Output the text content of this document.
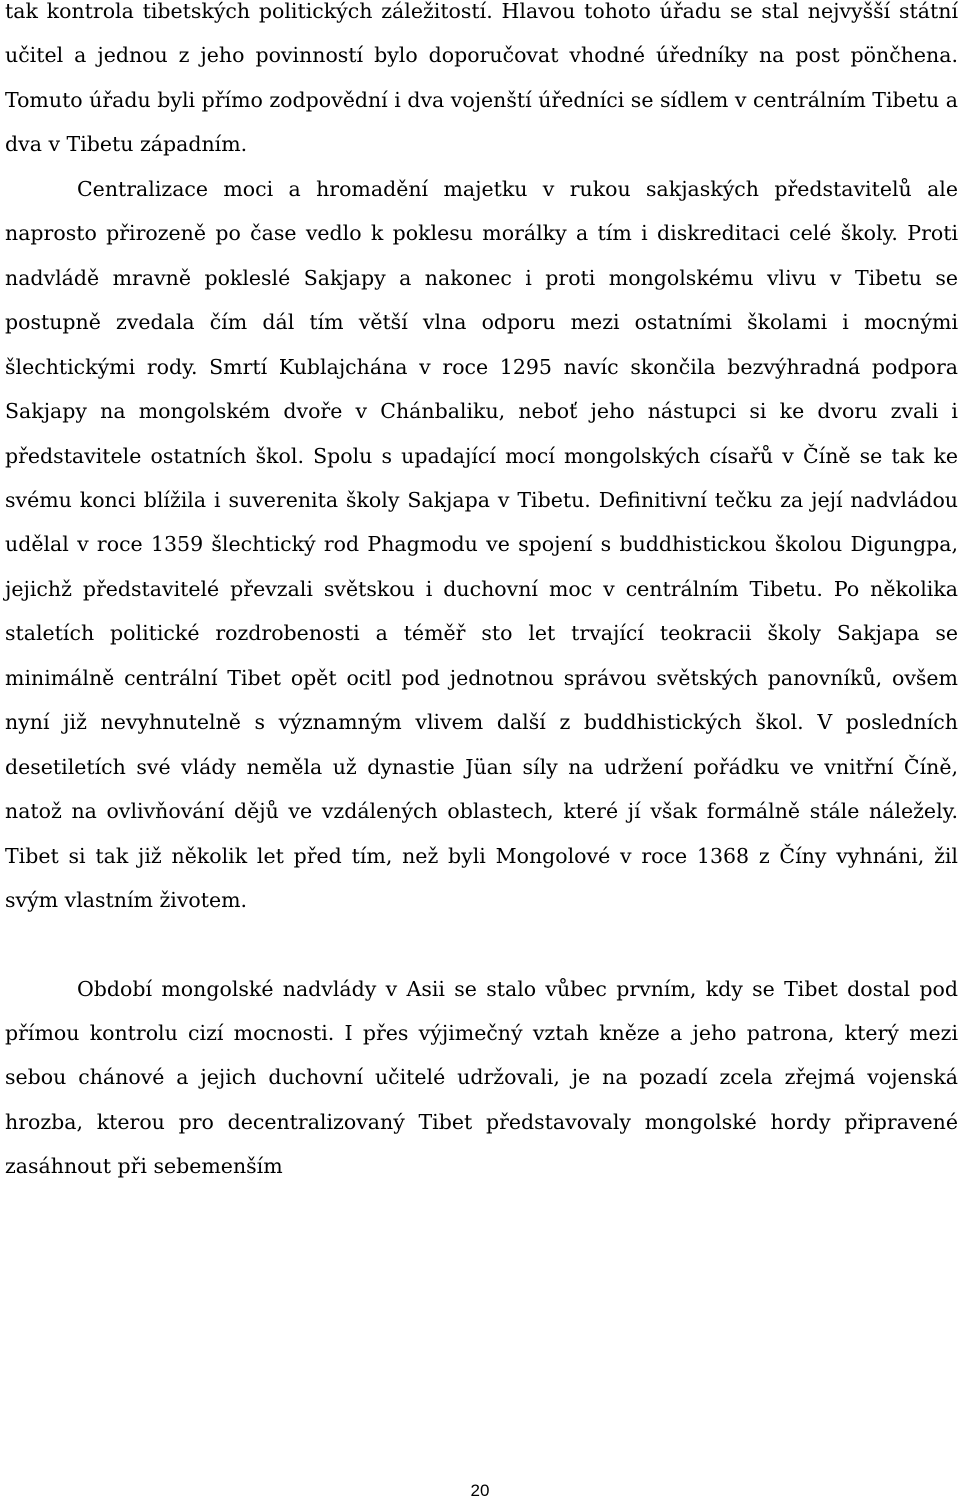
tak kontrola tibetských politických záležitostí. Hlavou tohoto úřadu se stal nejvyšší státní učitel a jednou z jeho povinností bylo doporučovat vhodné úředníky na post pönčhena. Tomuto úřadu byli přímo zodpovědní i dva vojenští úředníci se sídlem v centrálním Tibetu a dva v Tibetu západním.

Centralizace moci a hromadění majetku v rukou sakjaských představitelů ale naprosto přirozeně po čase vedlo k poklesu morálky a tím i diskreditaci celé školy. Proti nadvládě mravně pokleslé Sakjapy a nakonec i proti mongolskému vlivu v Tibetu se postupně zvedala čím dál tím větší vlna odporu mezi ostatními školami i mocnými šlechtickými rody. Smrtí Kublajchána v roce 1295 navíc skončila bezvýhradná podpora Sakjapy na mongolském dvoře v Chánbaliku, neboť jeho nástupci si ke dvoru zvali i představitele ostatních škol. Spolu s upadající mocí mongolských císařů v Číně se tak ke svému konci blížila i suverenita školy Sakjapa v Tibetu. Definitivní tečku za její nadvládou udělal v roce 1359 šlechtický rod Phagmodu ve spojení s buddhistickou školou Digungpa, jejichž představitelé převzali světskou i duchovní moc v centrálním Tibetu. Po několika staletích politické rozdrobenosti a téměř sto let trvající teokracii školy Sakjapa se minimálně centrální Tibet opět ocitl pod jednotnou správou světských panovníků, ovšem nyní již nevyhnutelně s významným vlivem další z buddhistických škol. V posledních desetiletích své vlády neměla už dynastie Jüan síly na udržení pořádku ve vnitřní Číně, natož na ovlivňování dějů ve vzdálených oblastech, které jí však formálně stále náležely. Tibet si tak již několik let před tím, než byli Mongolové v roce 1368 z Číny vyhnáni, žil svým vlastním životem.

Období mongolské nadvlády v Asii se stalo vůbec prvním, kdy se Tibet dostal pod přímou kontrolu cizí mocnosti. I přes výjimečný vztah kněze a jeho patrona, který mezi sebou chánové a jejich duchovní učitelé udržovali, je na pozadí zcela zřejmá vojenská hrozba, kterou pro decentralizovaný Tibet představovaly mongolské hordy připravené zasáhnout při sebemenším

20
